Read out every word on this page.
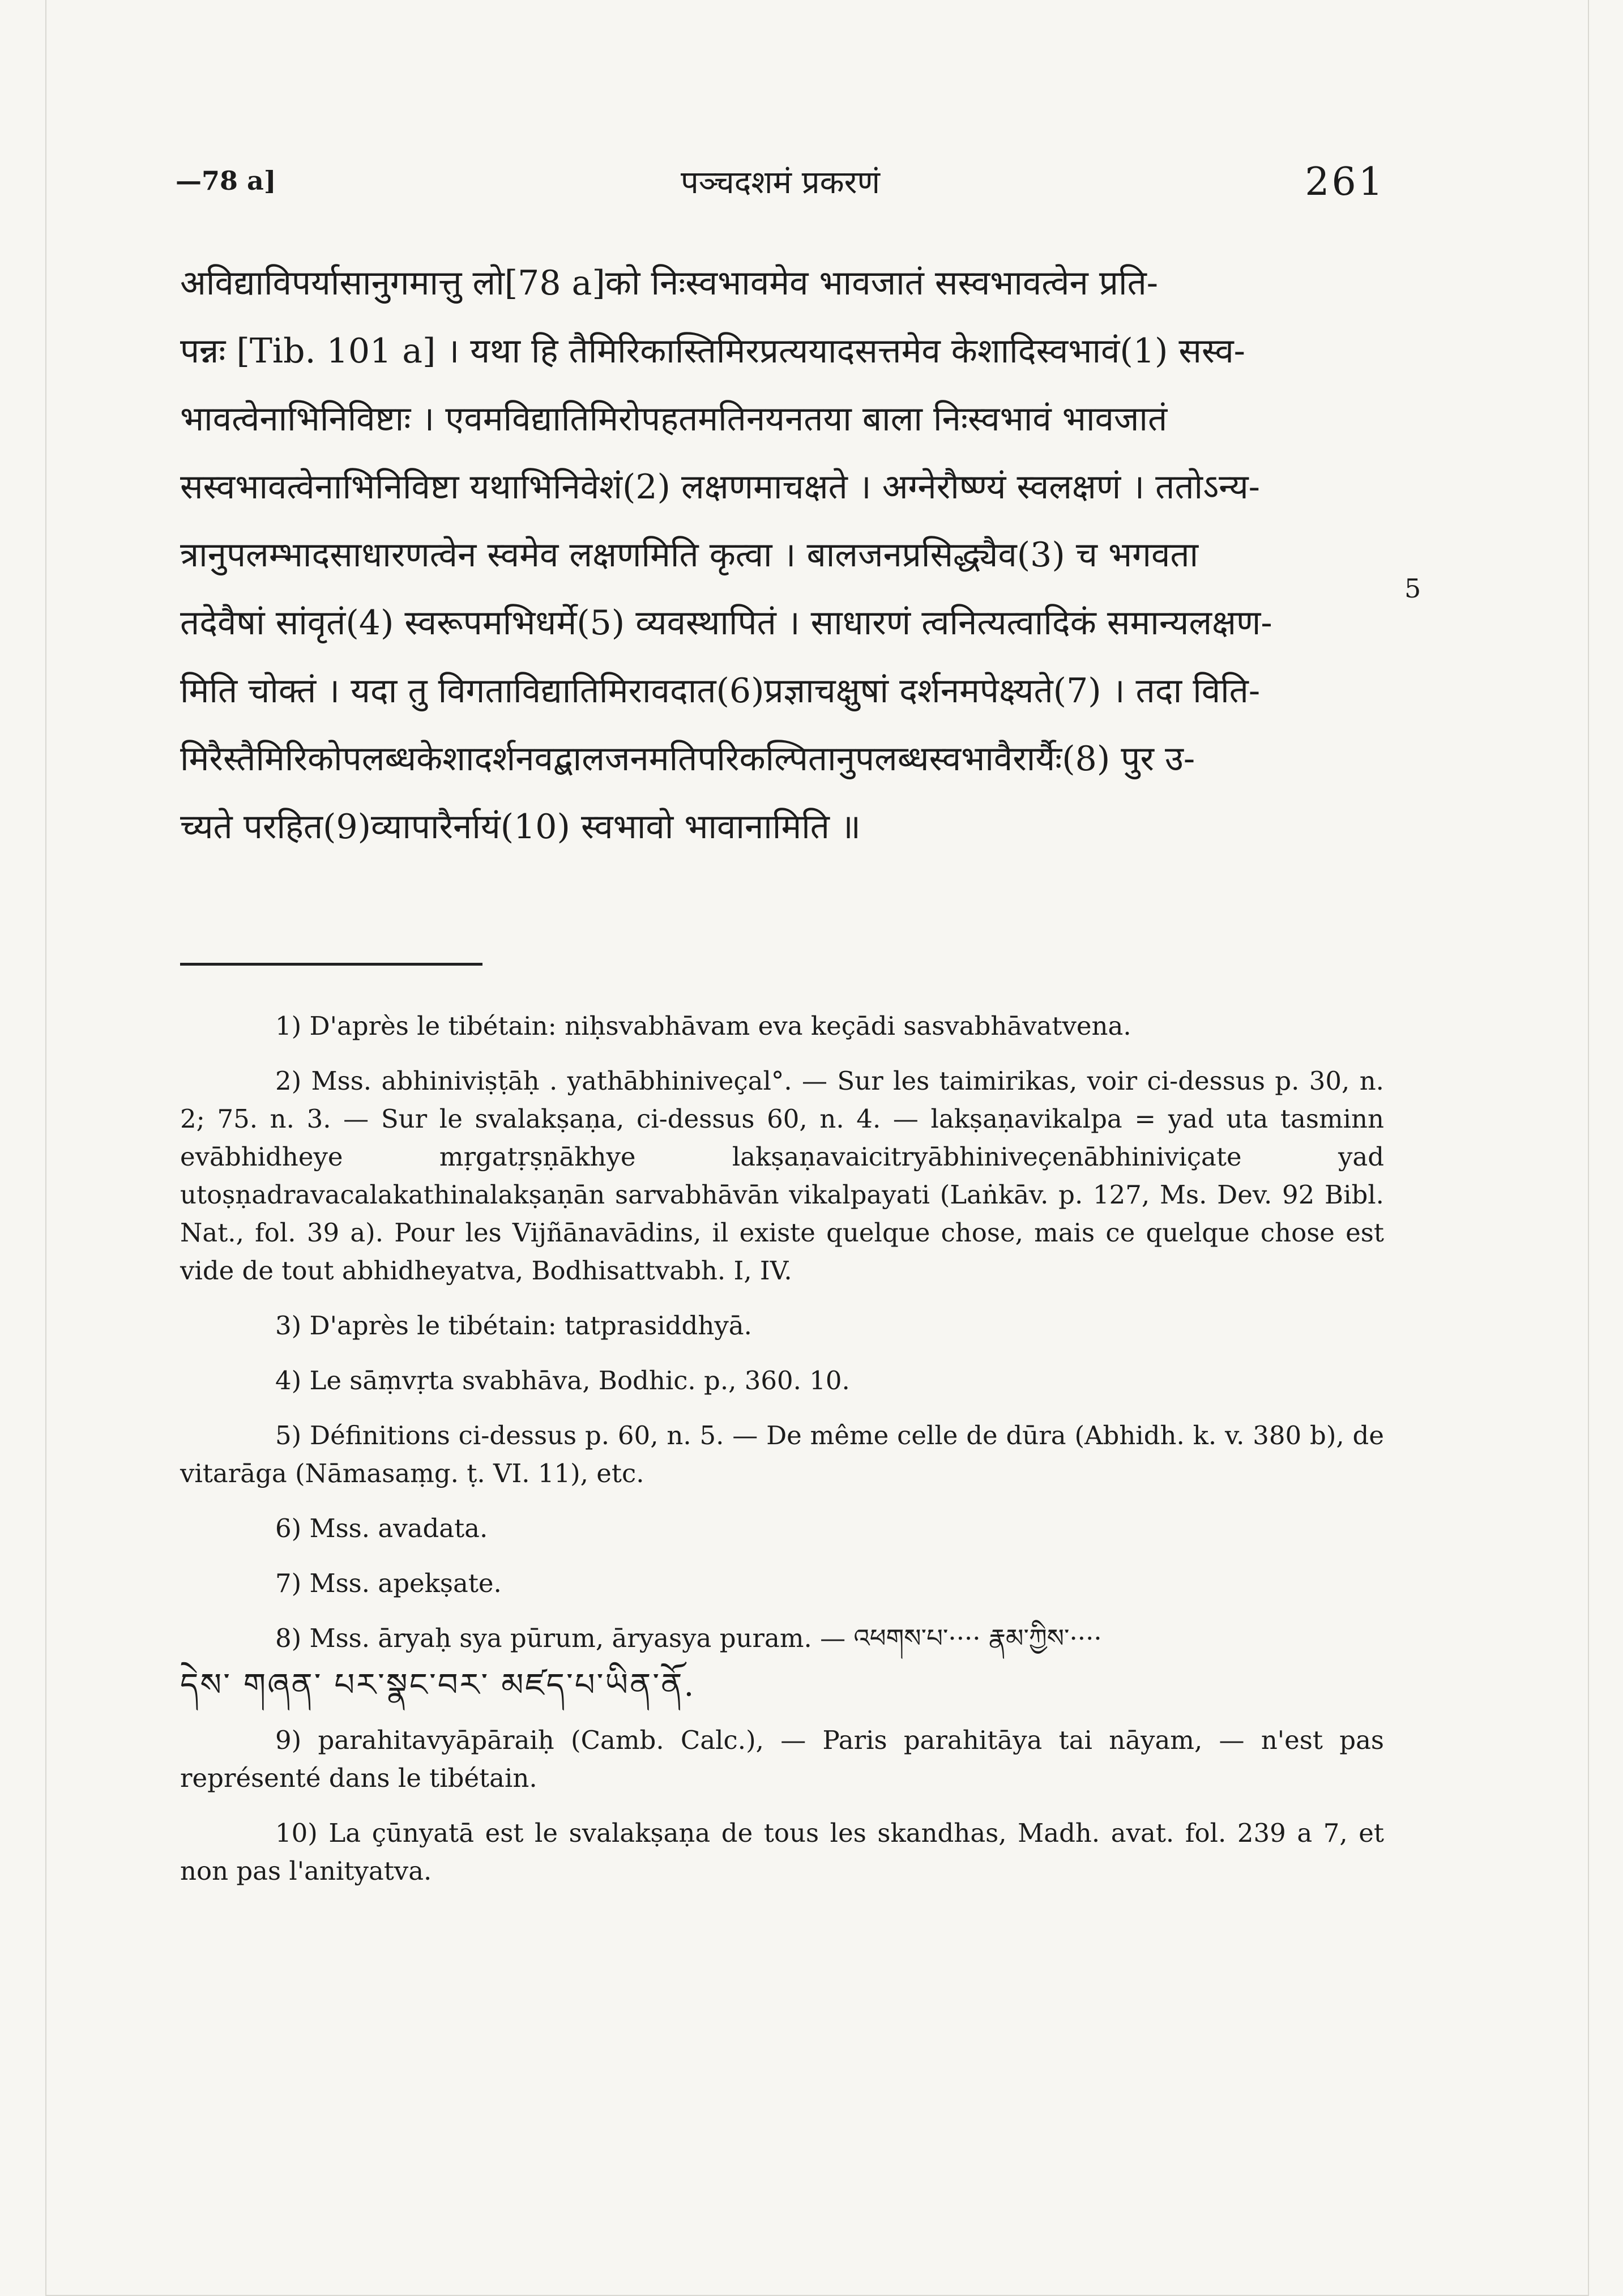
—78 a]	पञ्चदशमं प्रकरणं	261
अविद्याविपर्यासानुगमात्तु लो[78 a]को निःस्वभावमेव भावजातं सस्वभावत्वेन प्रति-
पन्नः [Tib. 101 a] । यथा हि तैमिरिकास्तिमिरप्रत्ययादसत्तमेव केशादिस्वभावं(1) सस्व-
भावत्वेनाभिनिविष्टाः । एवमविद्यातिमिरोपहतमतिनयनतया बाला निःस्वभावं भावजातं
सस्वभावत्वेनाभिनिविष्टा यथाभिनिवेशं(2) लक्षणमाचक्षते । अग्नेरौष्ण्यं स्वलक्षणं । ततोऽन्य-
त्रानुपलम्भादसाधारणत्वेन स्वमेव लक्षणमिति कृत्वा । बालजनप्रसिद्ध्यैव(3) च भगवता
तदेवैषां सांवृतं(4) स्वरूपमभिधर्मे(5) व्यवस्थापितं । साधारणं त्वनित्यत्वादिकं समान्यलक्षण-
मिति चोक्तं । यदा तु विगताविद्यातिमिरावदात(6)प्रज्ञाचक्षुषां दर्शनमपेक्ष्यते(7) । तदा विति-
मिरैस्तैमिरिकोपलब्धकेशादर्शनवद्बालजनमतिपरिकल्पितानुपलब्धस्वभावैरार्यैः(8) पुर उ-
च्यते परहित(9)व्यापारैर्नायं(10) स्वभावो भावानामिति ॥
5

1) D'après le tibétain: niḥsvabhāvam eva keçādi sasvabhāvatvena.

2) Mss. abhiniviṣṭāḥ . yathābhiniveçal°. — Sur les taimirikas, voir ci-dessus p. 30, n. 2; 75. n. 3. — Sur le svalakṣaṇa, ci-dessus 60, n. 4. — lakṣaṇavikalpa = yad uta tasminn evābhidheye mṛgatṛṣṇākhye lakṣaṇavaicitryābhiniveçenābhiniviçate yad utoṣṇadravacalakathinalakṣaṇān sarvabhāvān vikalpayati (Laṅkāv. p. 127, Ms. Dev. 92 Bibl. Nat., fol. 39 a). Pour les Vijñānavādins, il existe quelque chose, mais ce quelque chose est vide de tout abhidheyatva, Bodhisattvabh. I, IV.

3) D'après le tibétain: tatprasiddhyā.

4) Le sāṃvṛta svabhāva, Bodhic. p., 360. 10.

5) Définitions ci-dessus p. 60, n. 5. — De même celle de dūra (Abhidh. k. v. 380 b), de vitarāga (Nāmasaṃg. ṭ. VI. 11), etc.

6) Mss. avadata.

7) Mss. apekṣate.

8) Mss. āryaḥ sya pūrum, āryasya puram. — འཕགས་པ་···· རྣམ་ཀྱིས་····

དེས་ གཞན་ པར་སྣང་བར་ མཛད་པ་ཡིན་ནོ.

9) parahitavyāpāraiḥ (Camb. Calc.), — Paris parahitāya tai nāyam, — n'est pas représenté dans le tibétain.

10) La çūnyatā est le svalakṣaṇa de tous les skandhas, Madh. avat. fol. 239 a 7, et non pas l'anityatva.
